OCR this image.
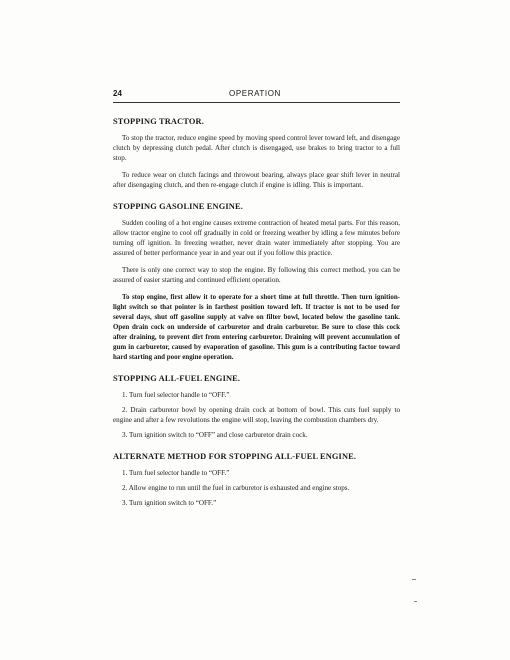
24	OPERATION
STOPPING TRACTOR.

To stop the tractor, reduce engine speed by moving speed control lever toward left, and disengage clutch by depressing clutch pedal. After clutch is disengaged, use brakes to bring tractor to a full stop.

To reduce wear on clutch facings and throwout bearing, always place gear shift lever in neutral after disengaging clutch, and then re-engage clutch if engine is idling. This is important.

STOPPING GASOLINE ENGINE.

Sudden cooling of a hot engine causes extreme contraction of heated metal parts. For this reason, allow tractor engine to cool off gradually in cold or freezing weather by idling a few minutes before turning off ignition. In freezing weather, never drain water immediately after stopping. You are assured of better performance year in and year out if you follow this practice.

There is only one correct way to stop the engine. By following this correct method, you can be assured of easier starting and continued efficient operation.

To stop engine, first allow it to operate for a short time at full throttle. Then turn ignition-light switch so that pointer is in farthest position toward left. If tractor is not to be used for several days, shut off gasoline supply at valve on filter bowl, located below the gasoline tank. Open drain cock on underside of carburetor and drain carburetor. Be sure to close this cock after draining, to prevent dirt from entering carburetor. Draining will prevent accumulation of gum in carburetor, caused by evaporation of gasoline. This gum is a contributing factor toward hard starting and poor engine operation.

STOPPING ALL-FUEL ENGINE.

1. Turn fuel selector handle to “OFF.”

2. Drain carburetor bowl by opening drain cock at bottom of bowl. This cuts fuel supply to engine and after a few revolutions the engine will stop, leaving the combustion chambers dry.

3. Turn ignition switch to “OFF” and close carburetor drain cock.

ALTERNATE METHOD FOR STOPPING ALL-FUEL ENGINE.

1. Turn fuel selector handle to “OFF.”

2. Allow engine to run until the fuel in carburetor is exhausted and engine stops.

3. Turn ignition switch to “OFF.”
